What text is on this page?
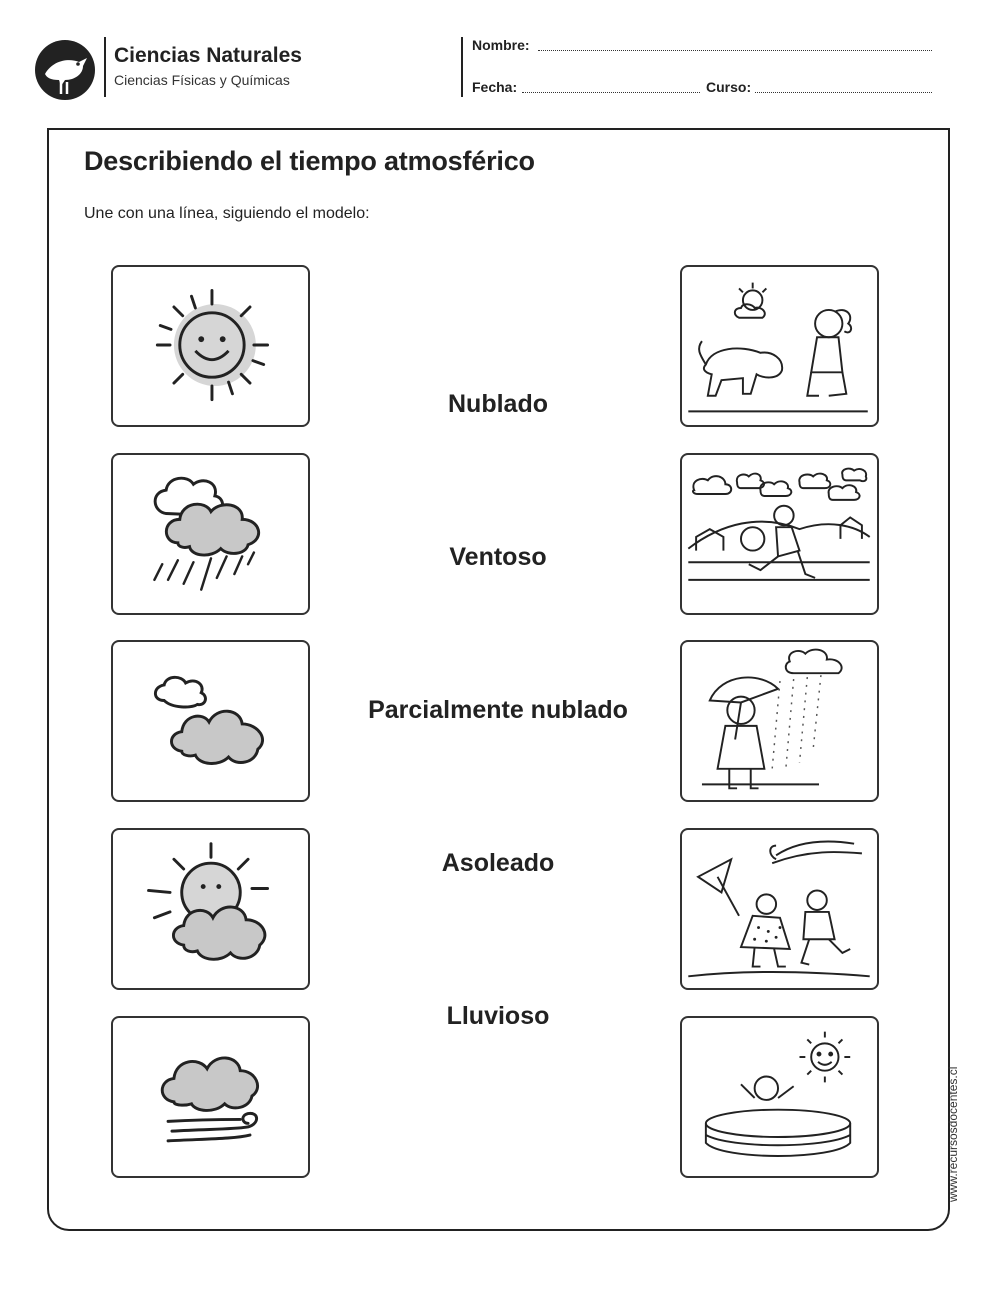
Ciencias Naturales
Ciencias Físicas y Químicas
Nombre:
Fecha:	Curso:
Describiendo el tiempo atmosférico
Une con una línea, siguiendo el modelo:
Nublado
Ventoso
Parcialmente nublado
Asoleado
Lluvioso
www.recursosdocentes.cl
